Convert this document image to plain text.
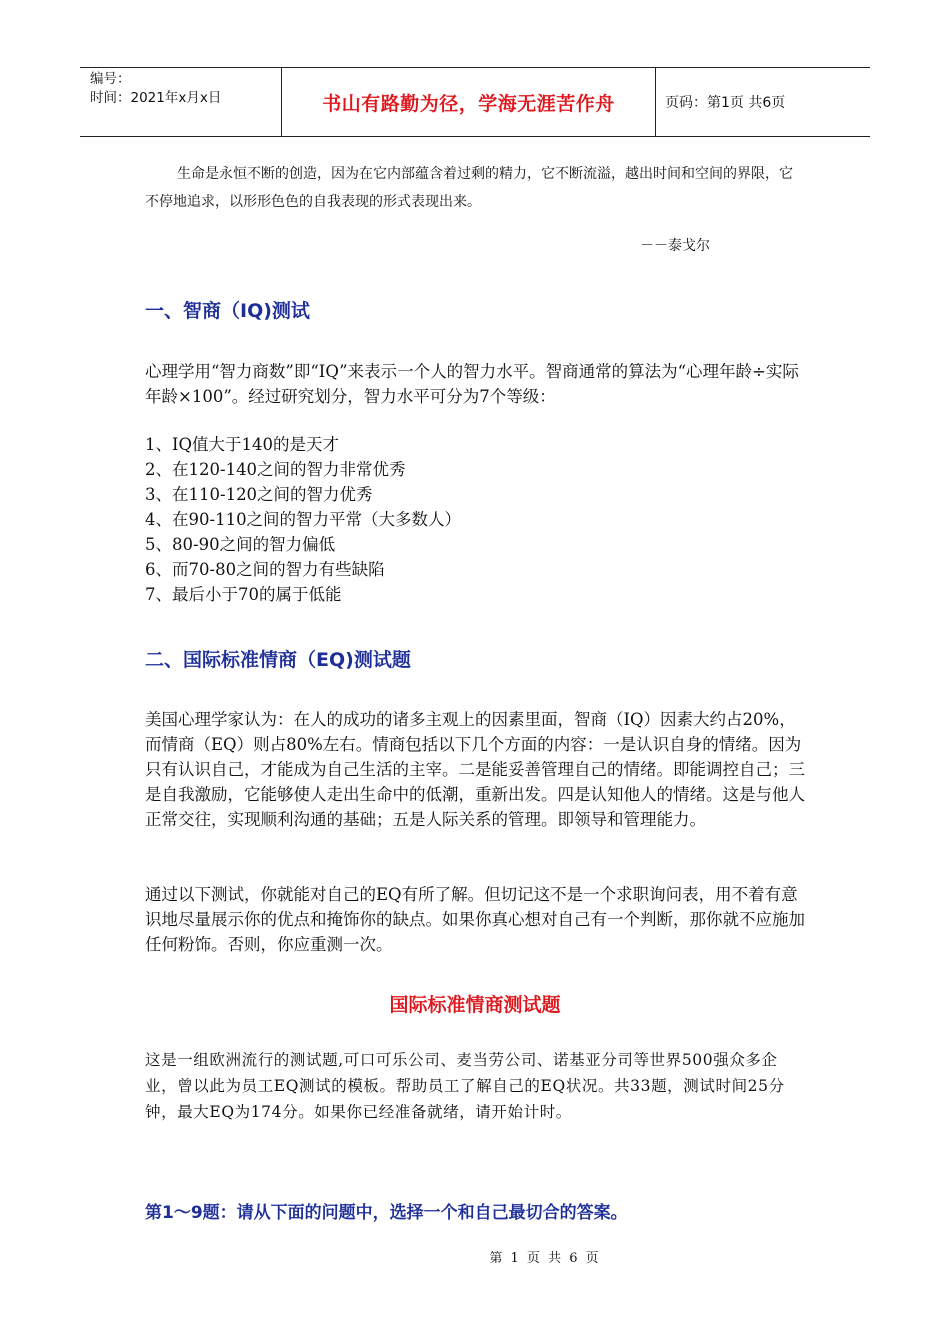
编号：
时间：2021年x月x日	书山有路勤为径，学海无涯苦作舟	页码：第1页 共6页
生命是永恒不断的创造，因为在它内部蕴含着过剩的精力，它不断流溢，越出时间和空间的界限，它不停地追求，以形形色色的自我表现的形式表现出来。
－－泰戈尔
一、智商（IQ)测试

心理学用“智力商数”即“IQ”来表示一个人的智力水平。智商通常的算法为“心理年龄÷实际年龄×100”。经过研究划分，智力水平可分为7个等级：

1、IQ值大于140的是天才
2、在120-140之间的智力非常优秀
3、在110-120之间的智力优秀
4、在90-110之间的智力平常（大多数人）
5、80-90之间的智力偏低
6、而70-80之间的智力有些缺陷
7、最后小于70的属于低能
二、国际标准情商（EQ)测试题

美国心理学家认为：在人的成功的诸多主观上的因素里面，智商（IQ）因素大约占20%，而情商（EQ）则占80%左右。情商包括以下几个方面的内容：一是认识自身的情绪。因为只有认识自己，才能成为自己生活的主宰。二是能妥善管理自己的情绪。即能调控自己；三是自我激励，它能够使人走出生命中的低潮，重新出发。四是认知他人的情绪。这是与他人正常交往，实现顺利沟通的基础；五是人际关系的管理。即领导和管理能力。

通过以下测试，你就能对自己的EQ有所了解。但切记这不是一个求职询问表，用不着有意识地尽量展示你的优点和掩饰你的缺点。如果你真心想对自己有一个判断，那你就不应施加任何粉饰。否则，你应重测一次。

国际标准情商测试题
这是一组欧洲流行的测试题,可口可乐公司、麦当劳公司、诺基亚分司等世界500强众多企业，曾以此为员工EQ测试的模板。帮助员工了解自己的EQ状况。共33题，测试时间25分钟，最大EQ为174分。如果你已经准备就绪，请开始计时。
第1～9题：请从下面的问题中，选择一个和自己最切合的答案。
第 1 页 共 6 页
